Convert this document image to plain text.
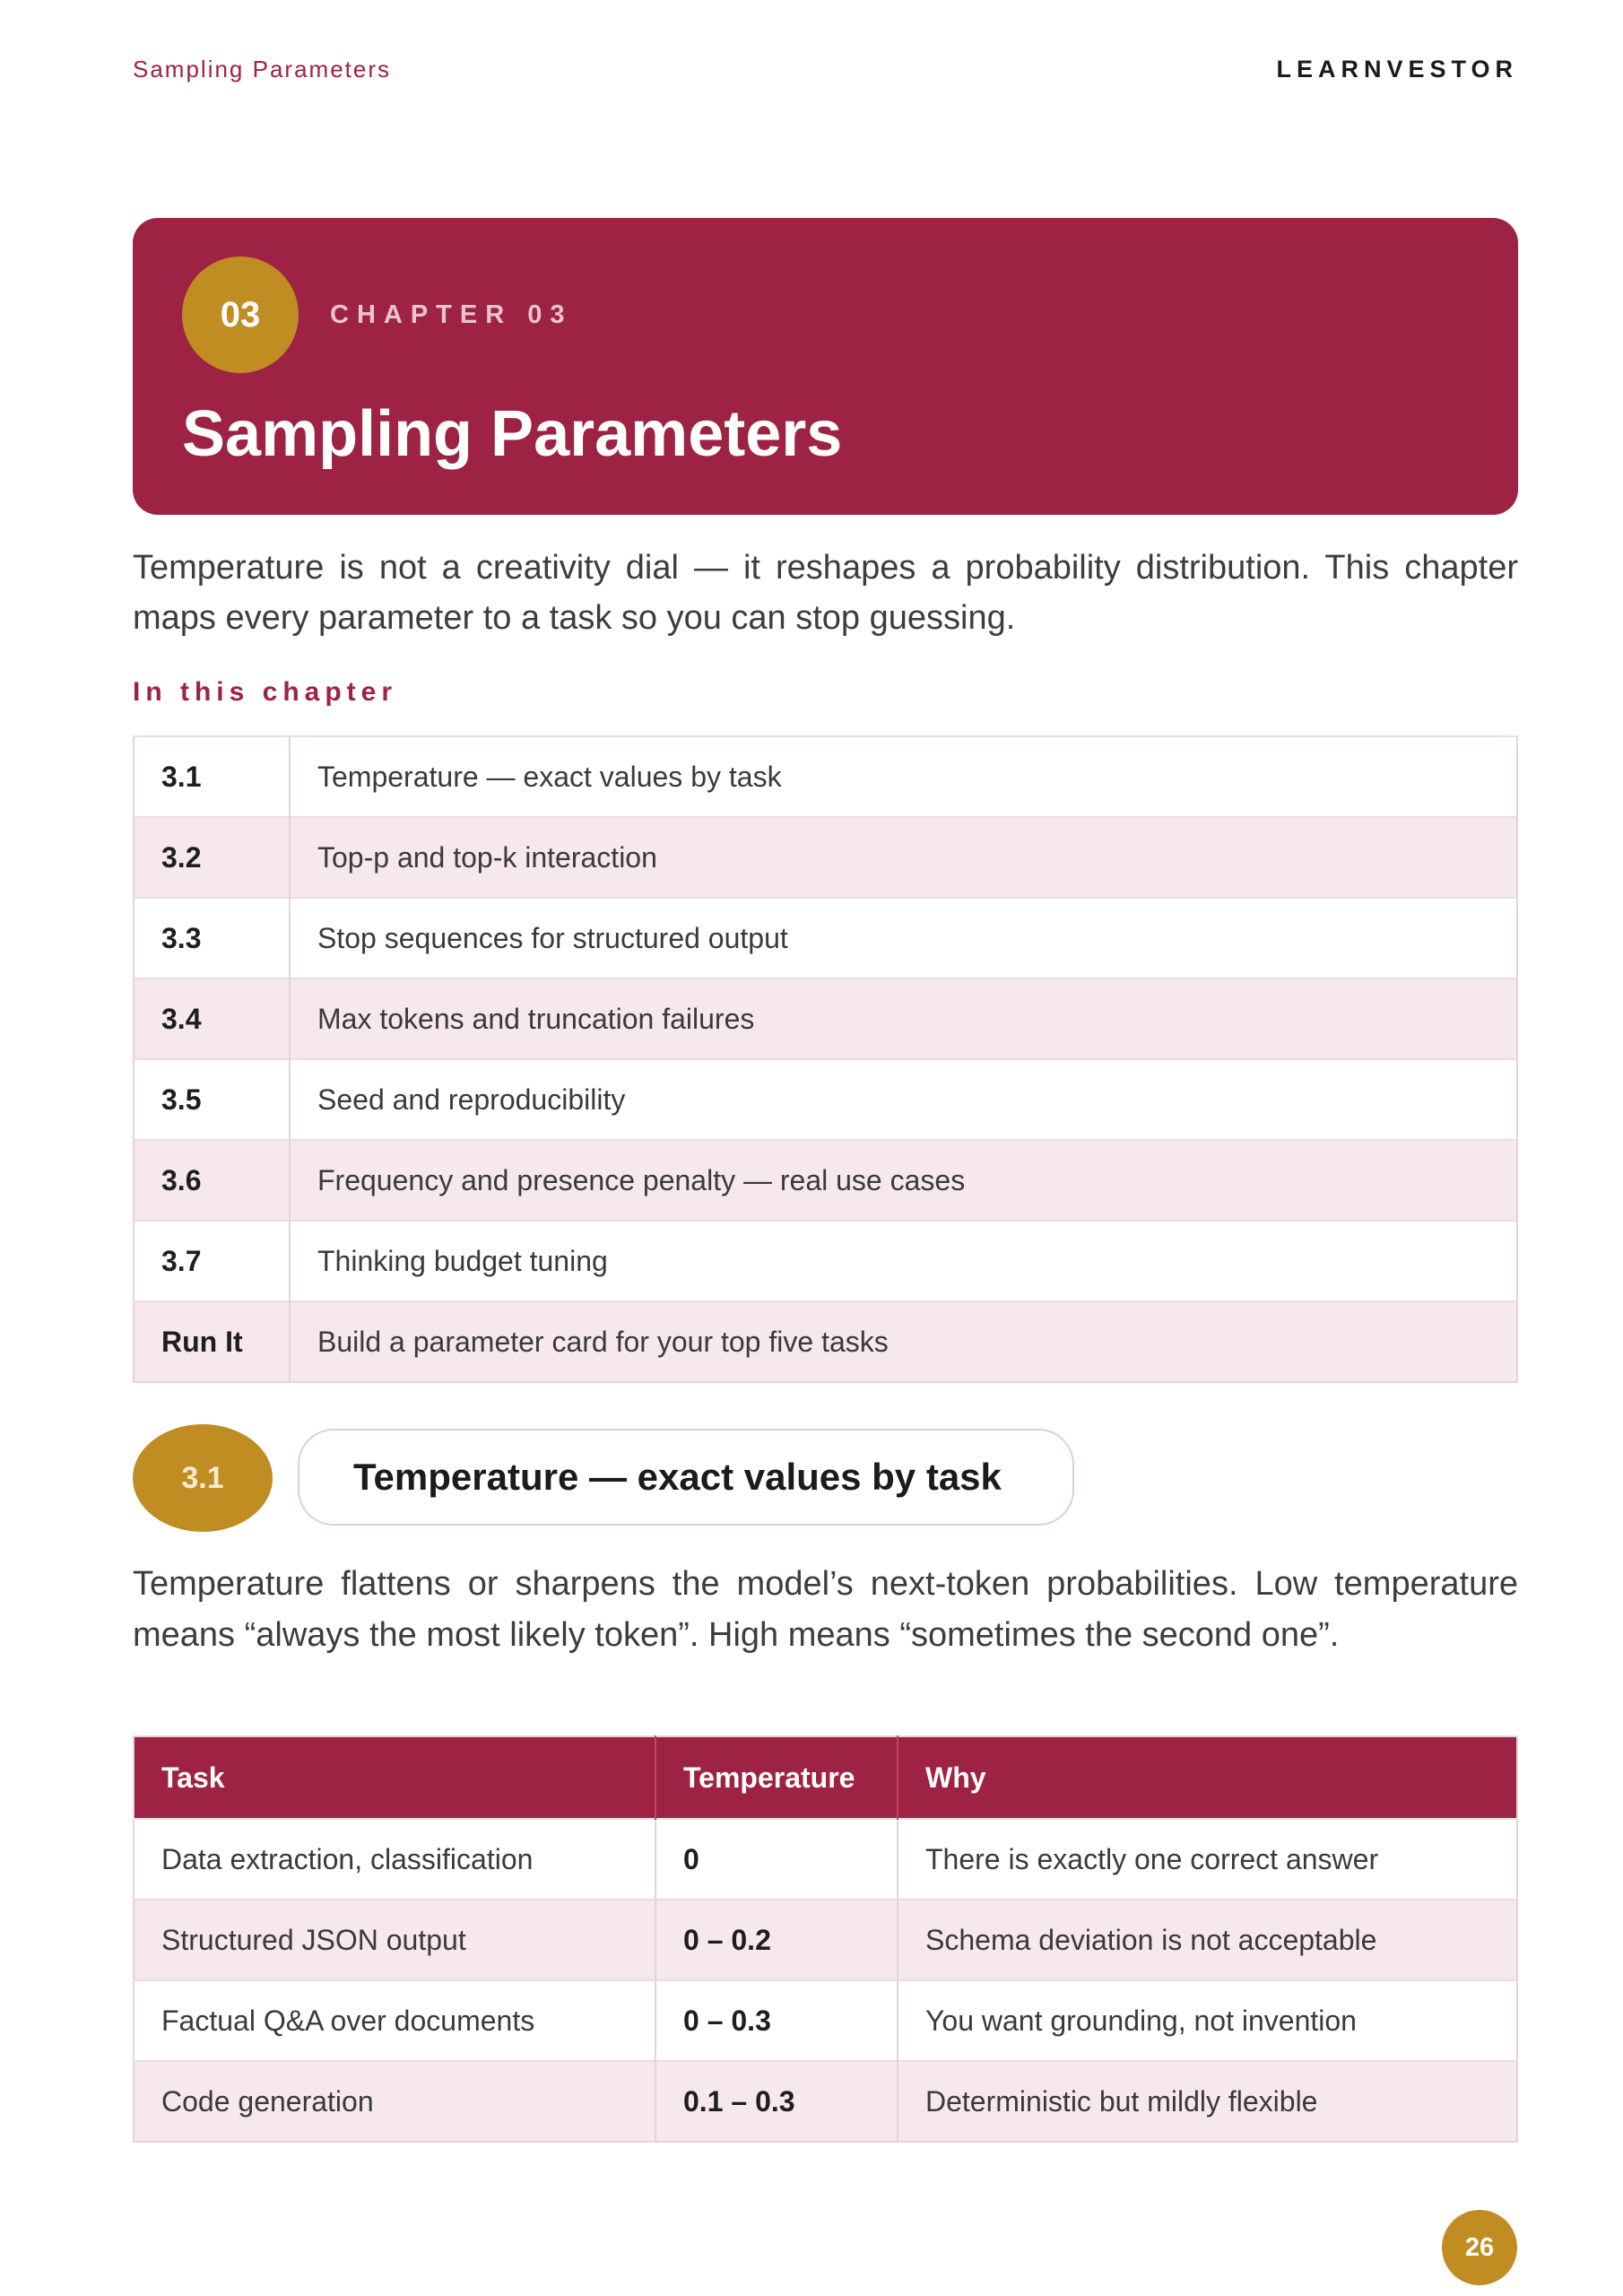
Sampling Parameters	LEARNVESTOR
03	CHAPTER 03
Sampling Parameters

Temperature is not a creativity dial — it reshapes a probability distribution. This chapter maps every parameter to a task so you can stop guessing.

In this chapter
3.1	Temperature — exact values by task
3.2	Top-p and top-k interaction
3.3	Stop sequences for structured output
3.4	Max tokens and truncation failures
3.5	Seed and reproducibility
3.6	Frequency and presence penalty — real use cases
3.7	Thinking budget tuning
Run It	Build a parameter card for your top five tasks
3.1	Temperature — exact values by task

Temperature flattens or sharpens the model’s next-token probabilities. Low temperature means “always the most likely token”. High means “sometimes the second one”.

Task	Temperature	Why
Data extraction, classification	0	There is exactly one correct answer
Structured JSON output	0 – 0.2	Schema deviation is not acceptable
Factual Q&A over documents	0 – 0.3	You want grounding, not invention
Code generation	0.1 – 0.3	Deterministic but mildly flexible
26
